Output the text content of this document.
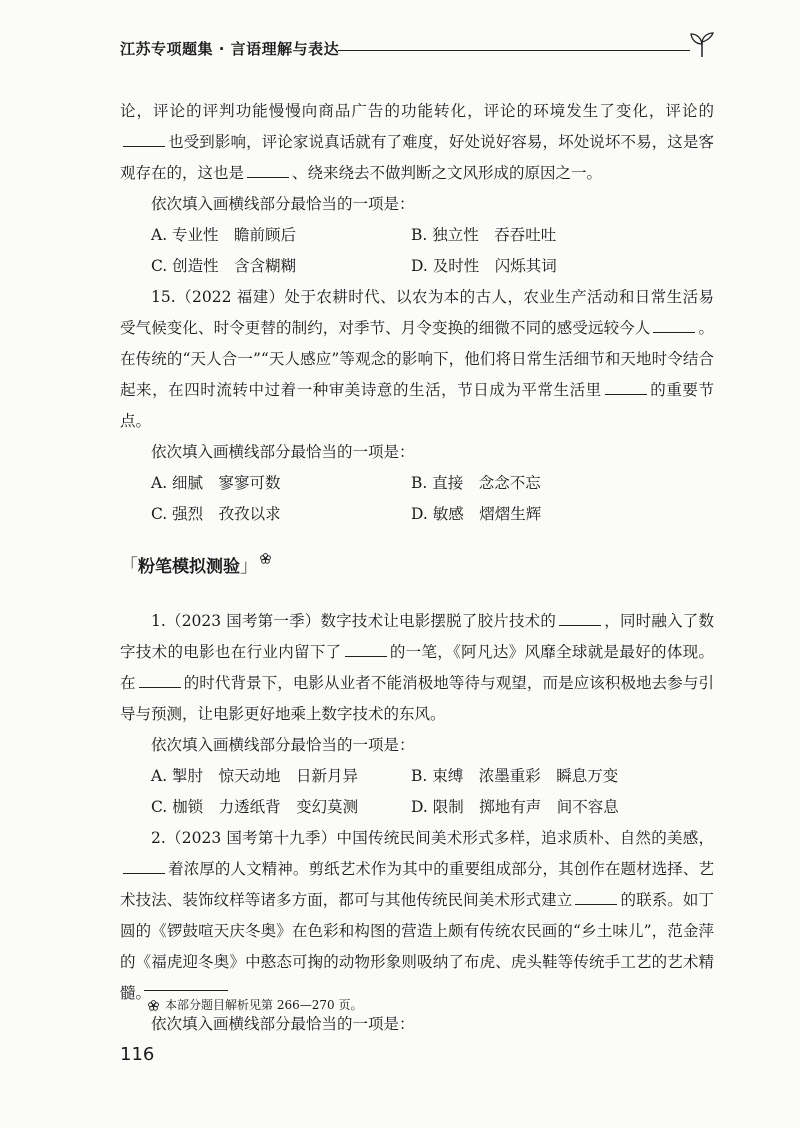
江苏专项题集 · 言语理解与表达

论，评论的评判功能慢慢向商品广告的功能转化，评论的环境发生了变化，评论的也受到影响，评论家说真话就有了难度，好处说好容易，坏处说坏不易，这是客观存在的，这也是	、绕来绕去不做判断之文风形成的原因之一。

依次填入画横线部分最恰当的一项是：

A. 专业性　瞻前顾后	B. 独立性　吞吞吐吐
C. 创造性　含含糊糊	D. 及时性　闪烁其词

15.（2022 福建）处于农耕时代、以农为本的古人，农业生产活动和日常生活易受气候变化、时令更替的制约，对季节、月令变换的细微不同的感受远较今人	。在传统的“天人合一”“天人感应”等观念的影响下，他们将日常生活细节和天地时令结合起来，在四时流转中过着一种审美诗意的生活，节日成为平常生活里	的重要节点。

依次填入画横线部分最恰当的一项是：

A. 细腻　寥寥可数	B. 直接　念念不忘
C. 强烈　孜孜以求	D. 敏感　熠熠生辉
「 粉笔模拟测验 」

1.（2023 国考第一季）数字技术让电影摆脱了胶片技术的	，同时融入了数字技术的电影也在行业内留下了	的一笔，《阿凡达》风靡全球就是最好的体现。在	的时代背景下，电影从业者不能消极地等待与观望，而是应该积极地去参与引导与预测，让电影更好地乘上数字技术的东风。

依次填入画横线部分最恰当的一项是：

A. 掣肘　惊天动地　日新月异	B. 束缚　浓墨重彩　瞬息万变
C. 枷锁　力透纸背　变幻莫测	D. 限制　掷地有声　间不容息

2.（2023 国考第十九季）中国传统民间美术形式多样，追求质朴、自然的美感，着浓厚的人文精神。剪纸艺术作为其中的重要组成部分，其创作在题材选择、艺术技法、装饰纹样等诸多方面，都可与其他传统民间美术形式建立	的联系。如丁圆的《锣鼓喧天庆冬奥》在色彩和构图的营造上颇有传统农民画的“乡土味儿”，范金萍的《福虎迎冬奥》中憨态可掬的动物形象则吸纳了布虎、虎头鞋等传统手工艺的艺术精髓。

依次填入画横线部分最恰当的一项是：

本部分题目解析见第 266—270 页。
116
